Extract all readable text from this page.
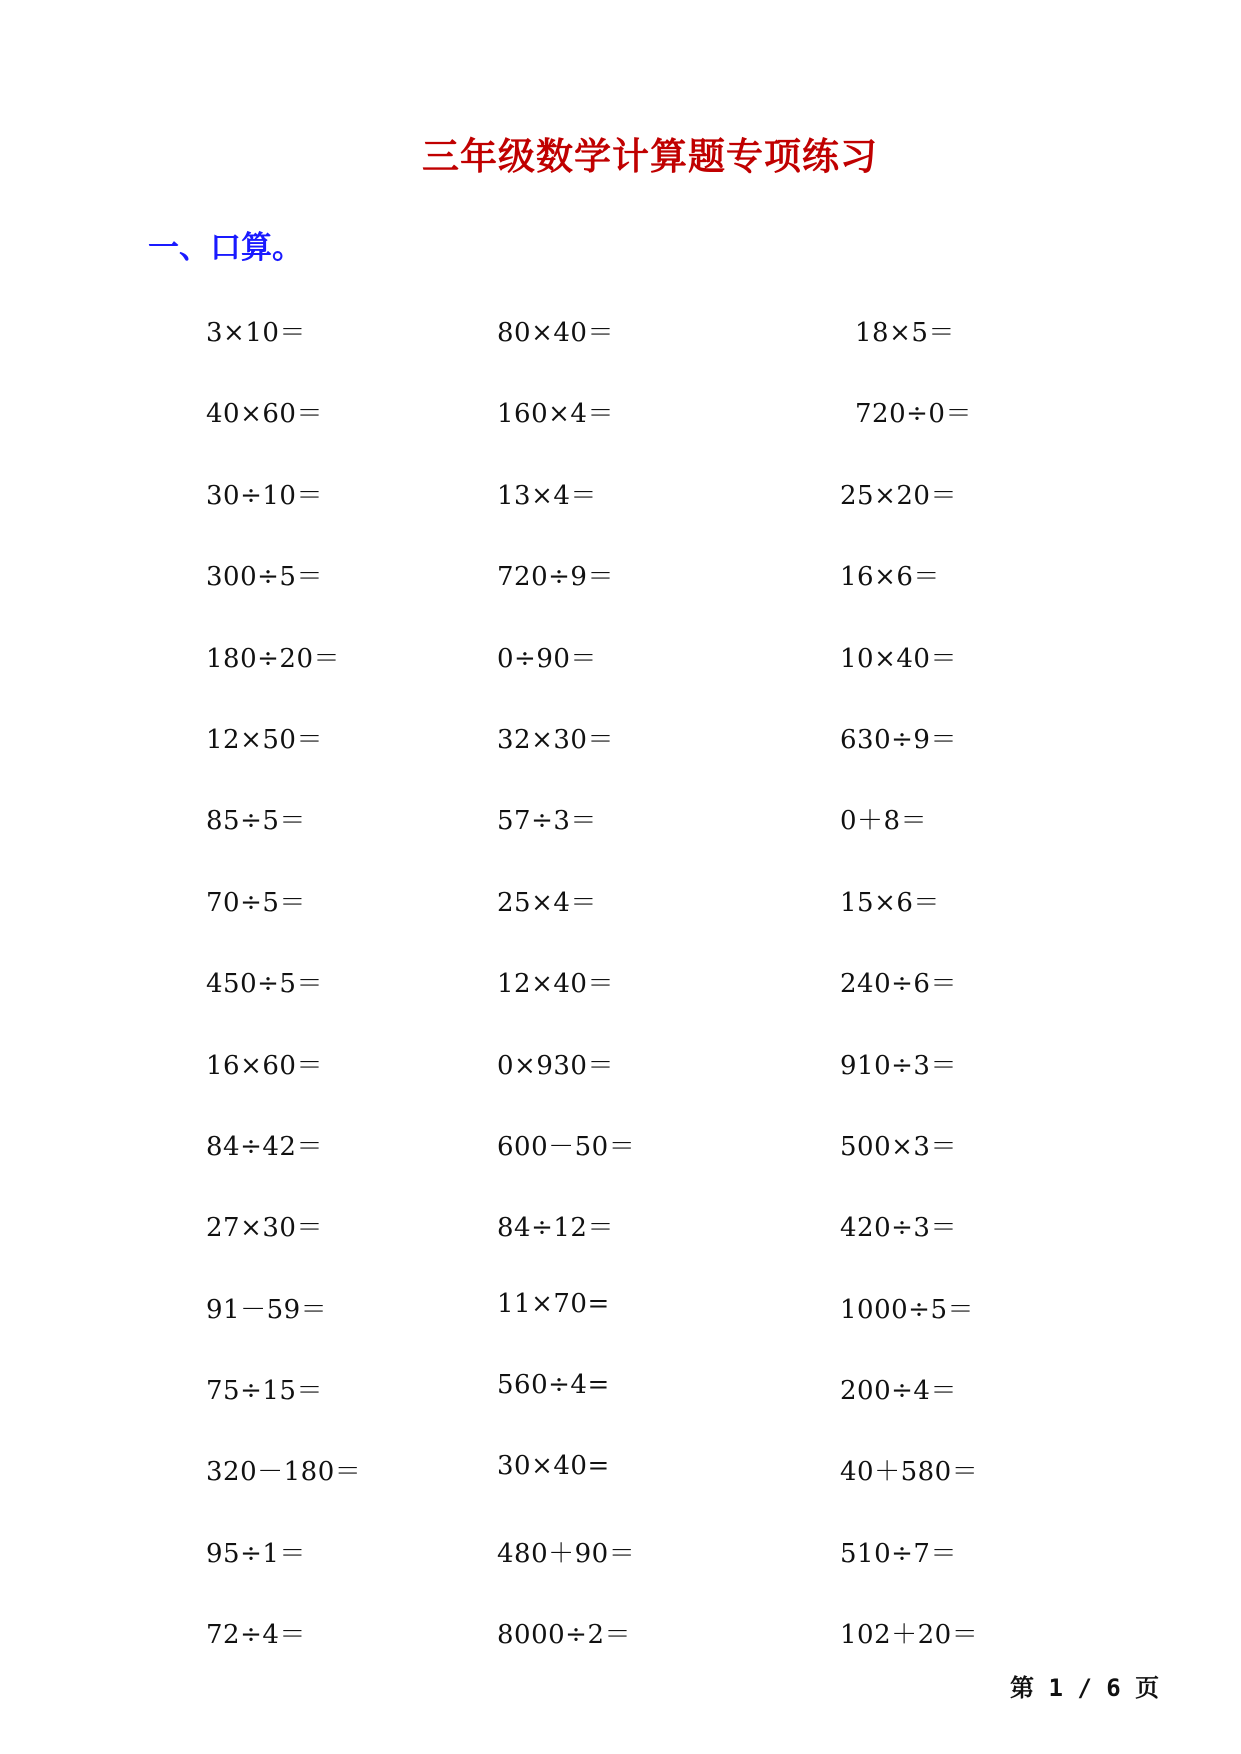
三年级数学计算题专项练习
一、口算。
3×10＝	80×40＝	18×5＝
40×60＝	160×4＝	720÷0＝
30÷10＝	13×4＝	25×20＝
300÷5＝	720÷9＝	16×6＝
180÷20＝	0÷90＝	10×40＝
12×50＝	32×30＝	630÷9＝
85÷5＝	57÷3＝	0＋8＝
70÷5＝	25×4＝	15×6＝
450÷5＝	12×40＝	240÷6＝
16×60＝	0×930＝	910÷3＝
84÷42＝	600－50＝	500×3＝
27×30＝	84÷12＝	420÷3＝
91－59＝	11×70=	1000÷5＝
75÷15＝	560÷4=	200÷4＝
320－180＝	30×40=	40＋580＝
95÷1＝	480＋90＝	510÷7＝
72÷4＝	8000÷2＝	102＋20＝
第 1 / 6 页
